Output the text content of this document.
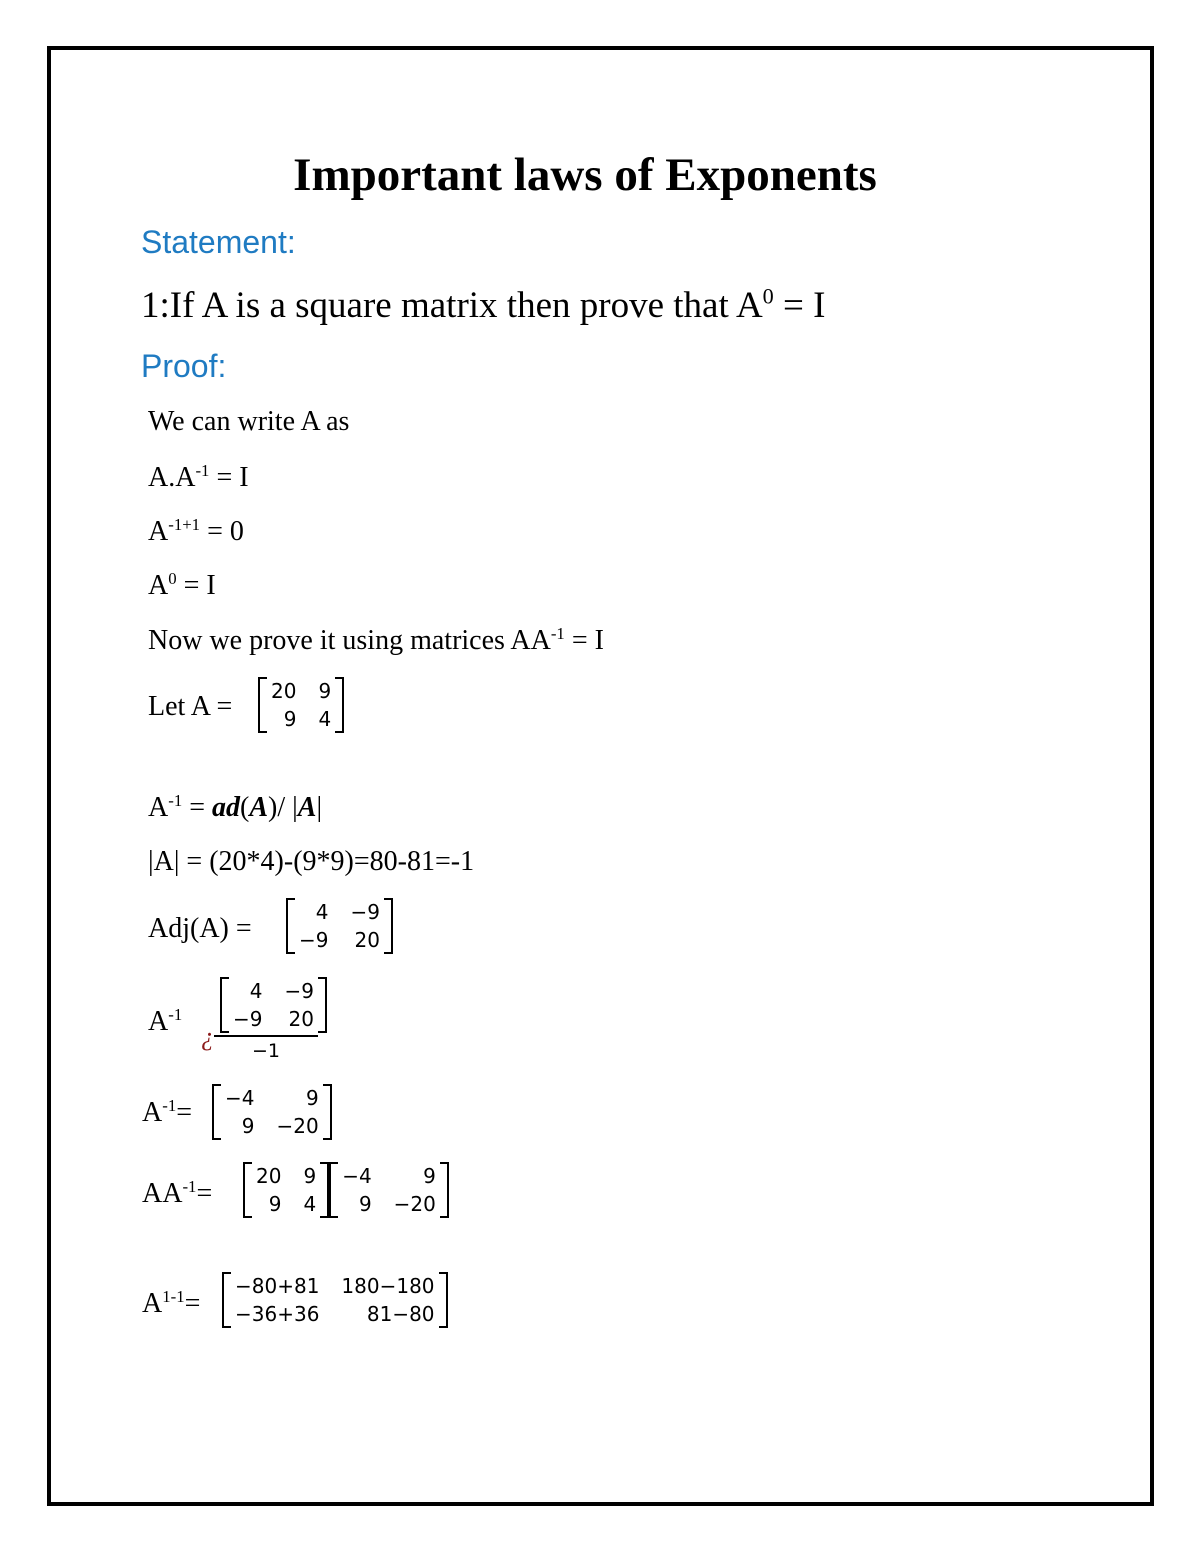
Important laws of Exponents
Statement:
1:If A is a square matrix then prove that $A^0 = I$
Proof:
We can write A as
$A.A^{-1} = I$
$A^{-1+1} = 0$
$A^0 = I$
Now we prove it using matrices $AA^{-1} = I$
Let A = 20 9
9 4
$A^{-1} = ad(A)/$ |A|
|A| = (20*4)-(9*9)=80-81=-1
Adj(A) =
4 −9
−9 20
$A^{-1}$
¿
4 −9
−9 20
−1
$A^{-1}= -4$	9
9 −20
$AA^{-1}=$
20 9
9 4
−4	9
9 −20
$A^{1-1}=$
−80+81 180−180
−36+36	81−80
